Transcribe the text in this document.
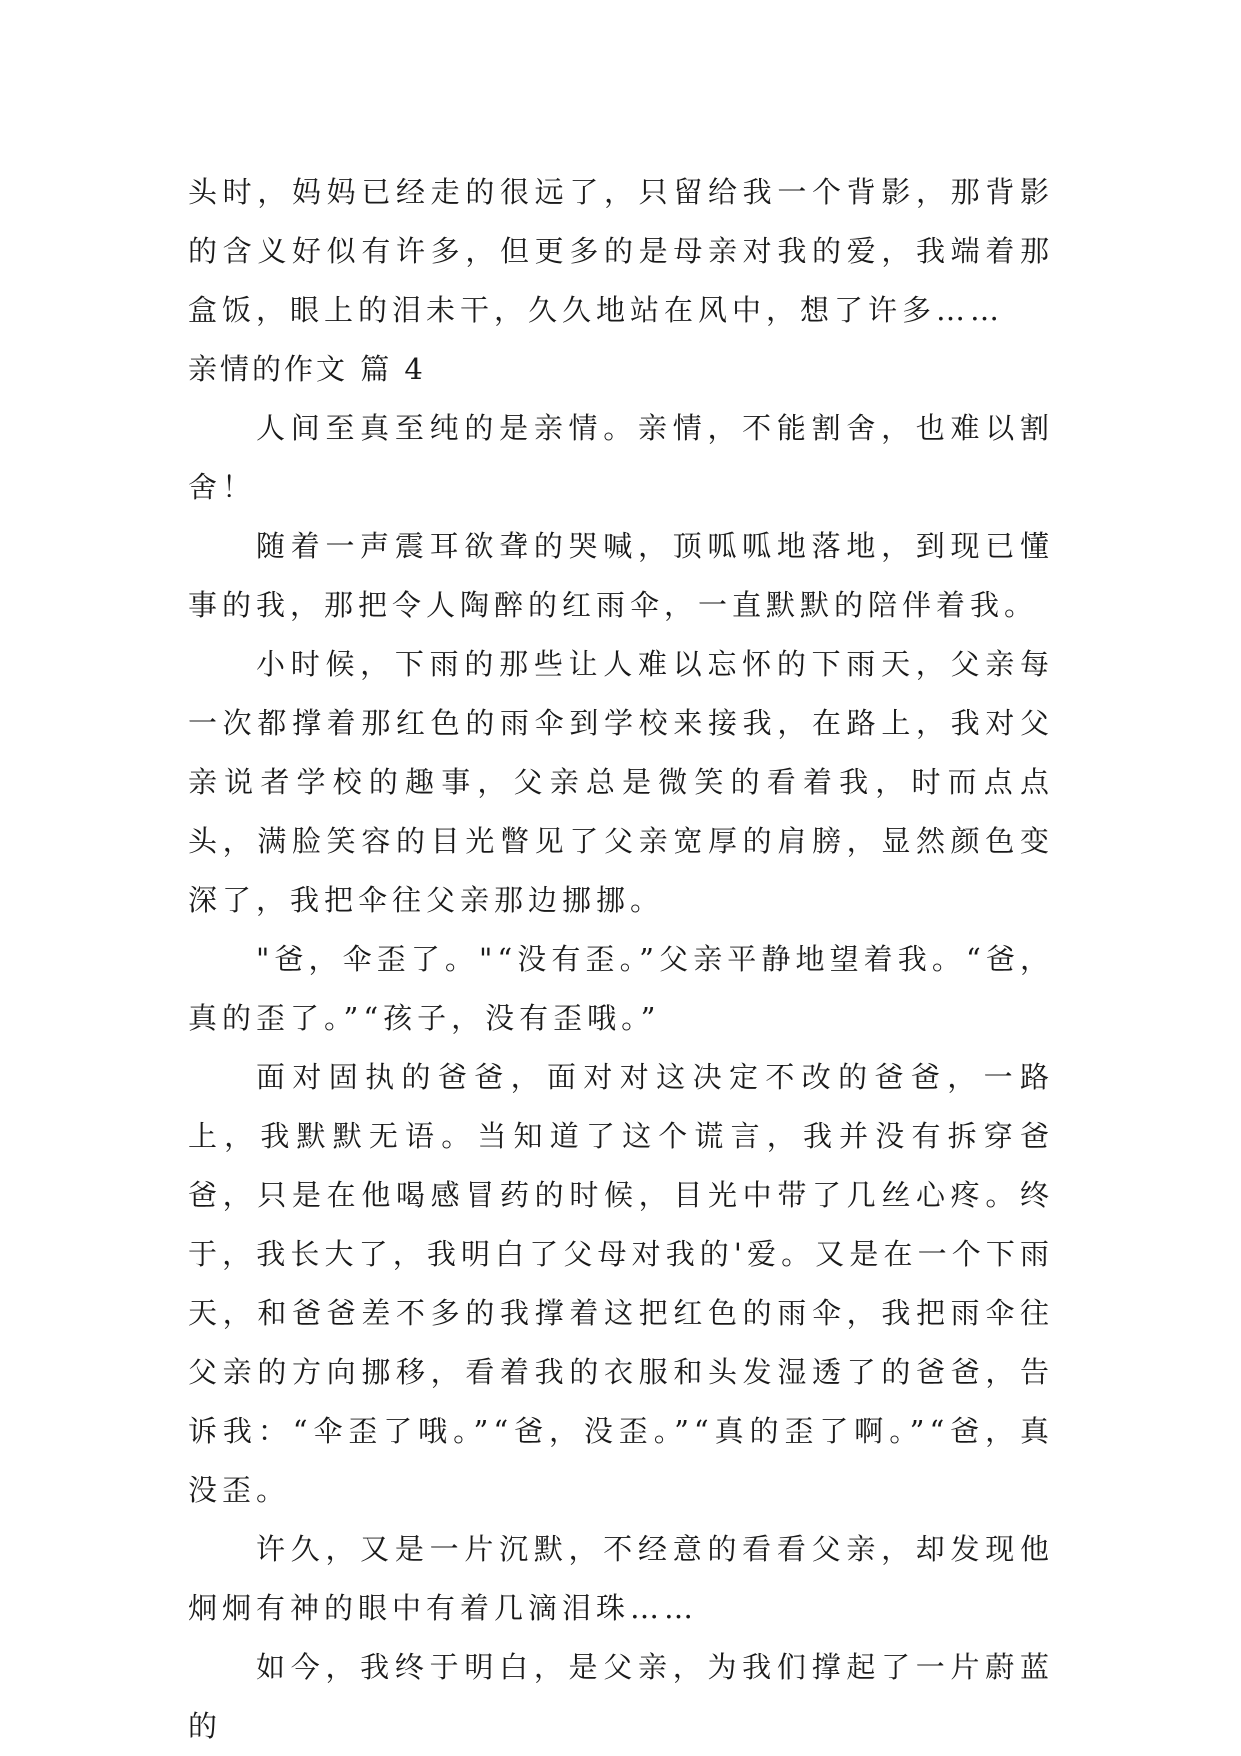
头时，妈妈已经走的很远了，只留给我一个背影，那背影的含义好似有许多，但更多的是母亲对我的爱，我端着那盒饭，眼上的泪未干，久久地站在风中，想了许多……

亲情的作文 篇 4

人间至真至纯的是亲情。亲情，不能割舍，也难以割舍！

随着一声震耳欲聋的哭喊，顶呱呱地落地，到现已懂事的我，那把令人陶醉的红雨伞，一直默默的陪伴着我。

小时候，下雨的那些让人难以忘怀的下雨天，父亲每一次都撑着那红色的雨伞到学校来接我，在路上，我对父亲说者学校的趣事，父亲总是微笑的看着我，时而点点头，满脸笑容的目光瞥见了父亲宽厚的肩膀，显然颜色变深了，我把伞往父亲那边挪挪。

"爸，伞歪了。"“没有歪。”父亲平静地望着我。“爸，真的歪了。”“孩子，没有歪哦。”

面对固执的爸爸，面对对这决定不改的爸爸，一路上，我默默无语。当知道了这个谎言，我并没有拆穿爸爸，只是在他喝感冒药的时候，目光中带了几丝心疼。终于，我长大了，我明白了父母对我的'爱。又是在一个下雨天，和爸爸差不多的我撑着这把红色的雨伞，我把雨伞往父亲的方向挪移，看着我的衣服和头发湿透了的爸爸，告诉我：“伞歪了哦。”“爸，没歪。”“真的歪了啊。”“爸，真没歪。

许久，又是一片沉默，不经意的看看父亲，却发现他炯炯有神的眼中有着几滴泪珠……

如今，我终于明白，是父亲，为我们撑起了一片蔚蓝的
